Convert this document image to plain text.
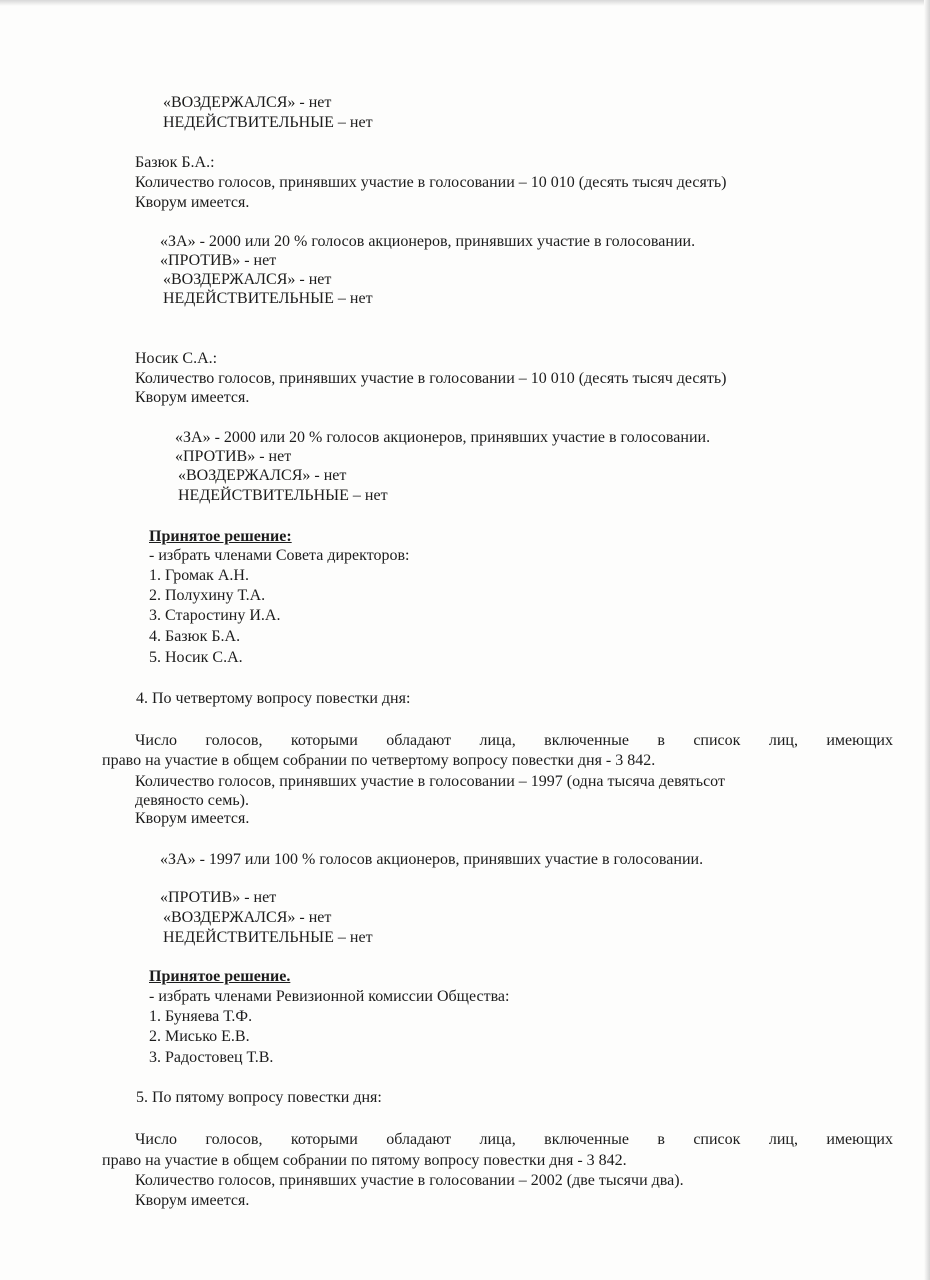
«ВОЗДЕРЖАЛСЯ» - нет
НЕДЕЙСТВИТЕЛЬНЫЕ – нет
Базюк Б.А.:
Количество голосов, принявших участие в голосовании – 10 010 (десять тысяч десять)
Кворум имеется.
«ЗА» - 2000 или 20 % голосов акционеров, принявших участие в голосовании.
«ПРОТИВ» - нет
«ВОЗДЕРЖАЛСЯ» - нет
НЕДЕЙСТВИТЕЛЬНЫЕ – нет
Носик С.А.:
Количество голосов, принявших участие в голосовании – 10 010 (десять тысяч десять)
Кворум имеется.
«ЗА» - 2000 или 20 % голосов акционеров, принявших участие в голосовании.
«ПРОТИВ» - нет
«ВОЗДЕРЖАЛСЯ» - нет
НЕДЕЙСТВИТЕЛЬНЫЕ – нет
Принятое решение:
- избрать членами Совета директоров:
1. Громак А.Н.
2. Полухину Т.А.
3. Старостину И.А.
4. Базюк Б.А.
5. Носик С.А.
4. По четвертому вопросу повестки дня:
Число голосов, которыми обладают лица, включенные в список лиц, имеющих
право на участие в общем собрании по четвертому вопросу повестки дня - 3 842.
Количество голосов, принявших участие в голосовании – 1997 (одна тысяча девятьсот
девяносто семь).
Кворум имеется.
«ЗА» - 1997 или 100 % голосов акционеров, принявших участие в голосовании.
«ПРОТИВ» - нет
«ВОЗДЕРЖАЛСЯ» - нет
НЕДЕЙСТВИТЕЛЬНЫЕ – нет
Принятое решение.
- избрать членами Ревизионной комиссии Общества:
1. Буняева Т.Ф.
2. Мисько Е.В.
3. Радостовец Т.В.
5. По пятому вопросу повестки дня:
Число голосов, которыми обладают лица, включенные в список лиц, имеющих
право на участие в общем собрании по пятому вопросу повестки дня - 3 842.
Количество голосов, принявших участие в голосовании – 2002 (две тысячи два).
Кворум имеется.
